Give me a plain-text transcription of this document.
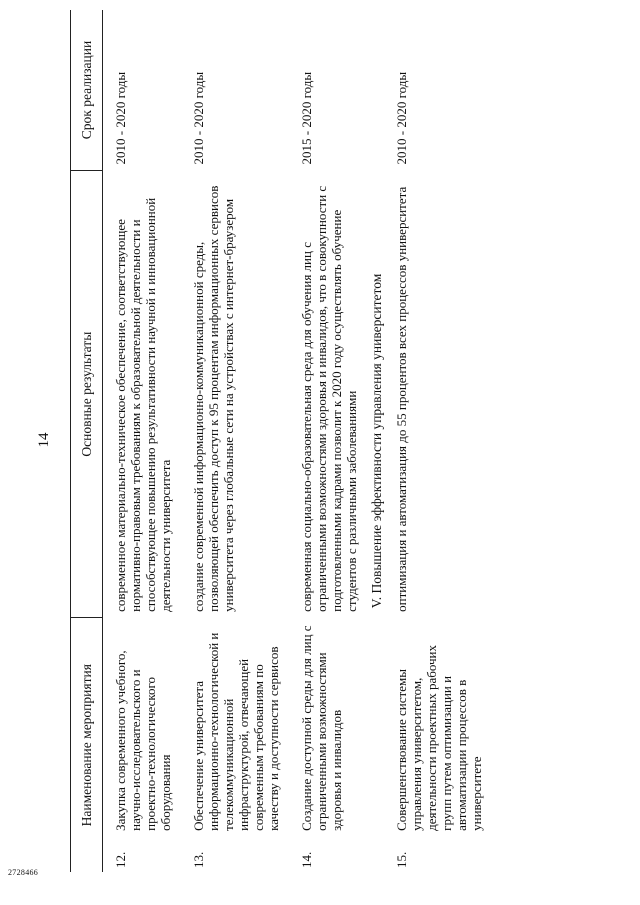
14
Наименование мероприятия		Основные результаты	Срок реализации
12.	Закупка современного учебного, научно-исследовательского и проектно-технологического оборудования	современное материально-техническое обеспечение, соответствующее нормативно-правовым требованиям к образовательной деятельности и способствующее повышению результативности научной и инновационной деятельности университета	2010 - 2020 годы
13.	Обеспечение университета информационно-технологической и телекоммуникационной инфраструктурой, отвечающей современным требованиям по качеству и доступности сервисов	создание современной информационно-коммуникационной среды, позволяющей обеспечить доступ к 95 процентам информационных сервисов университета через глобальные сети на устройствах с интернет-браузером	2010 - 2020 годы
14.	Создание доступной среды для лиц с ограниченными возможностями здоровья и инвалидов	современная социально-образовательная среда для обучения лиц с ограниченными возможностями здоровья и инвалидов, что в совокупности с подготовленными кадрами позволит к 2020 году осуществлять обучение студентов с различными заболеваниями	2015 - 2020 годы
V. Повышение эффективности управления университетом			
15.	Совершенствование системы управления университетом, деятельности проектных рабочих групп путем оптимизации и автоматизации процессов в университете	оптимизация и автоматизация до 55 процентов всех процессов университета	2010 - 2020 годы
2728466
